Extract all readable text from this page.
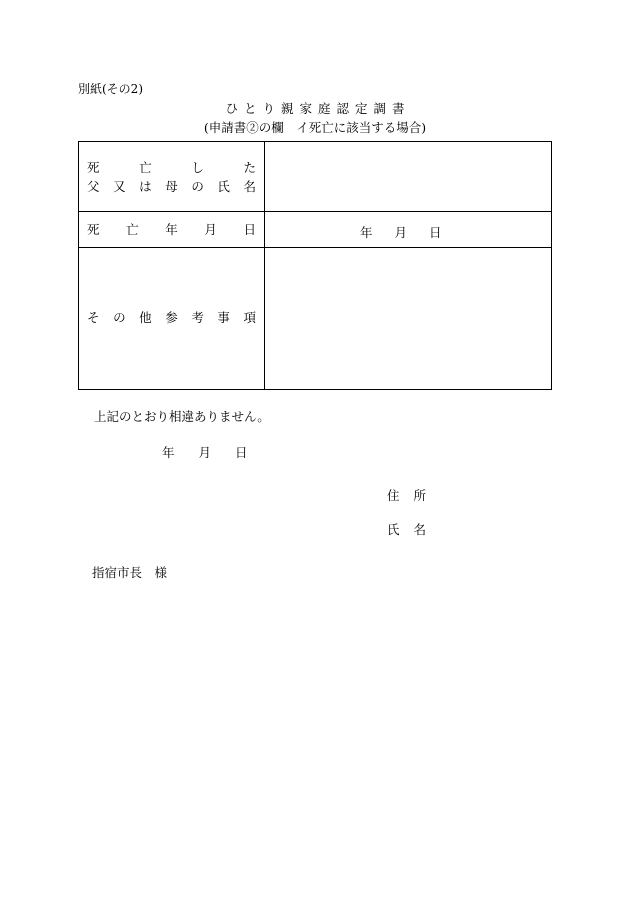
別紙(その2)
ひとり親家庭認定調書
(申請書②の欄　イ死亡に該当する場合)
死	亡	し	た
父 又 は 母 の 氏 名
死 亡 年 月 日	年 月 日
そ の 他 参 考 事 項
上記のとおり相違ありません。
年 月 日
住 所
氏 名
指宿市長　様
